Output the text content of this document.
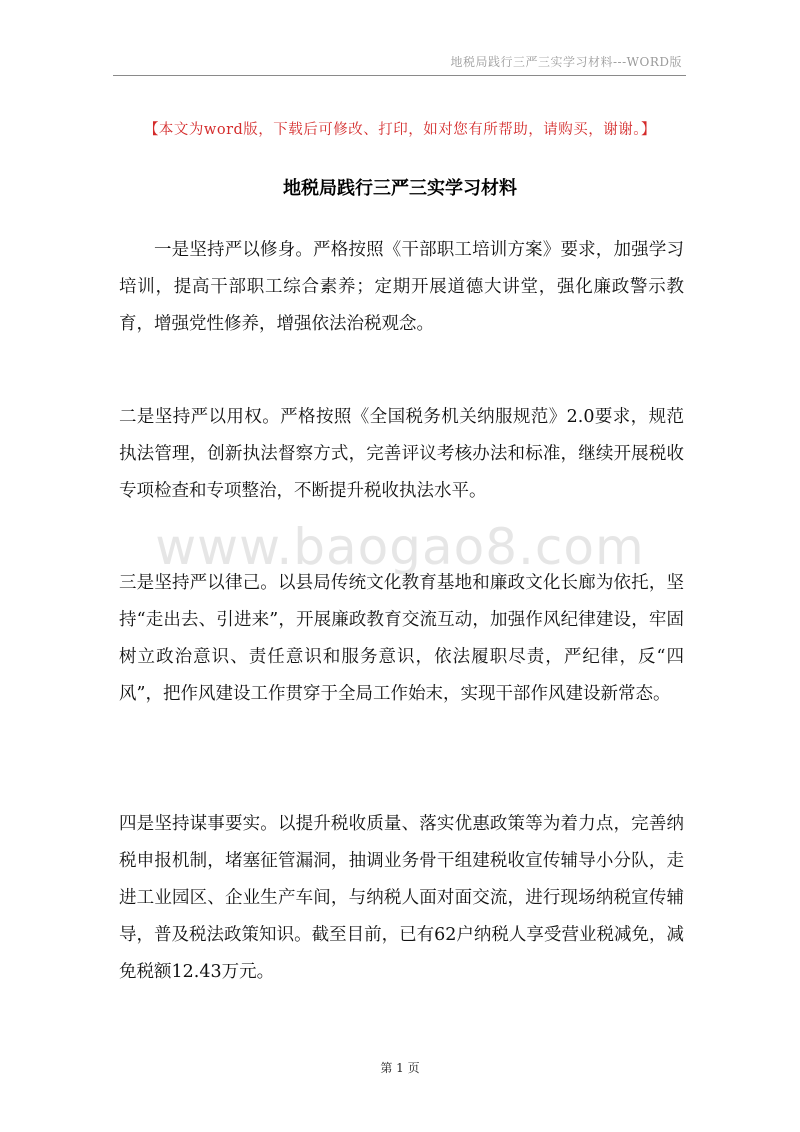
地税局践行三严三实学习材料---WORD版
【本文为word版，下载后可修改、打印，如对您有所帮助，请购买，谢谢。】
地税局践行三严三实学习材料

一是坚持严以修身。严格按照《干部职工培训方案》要求，加强学习培训，提高干部职工综合素养；定期开展道德大讲堂，强化廉政警示教育，增强党性修养，增强依法治税观念。

二是坚持严以用权。严格按照《全国税务机关纳服规范》2.0要求，规范执法管理，创新执法督察方式，完善评议考核办法和标准，继续开展税收专项检查和专项整治，不断提升税收执法水平。

www.baogao8.com

三是坚持严以律己。以县局传统文化教育基地和廉政文化长廊为依托，坚持“走出去、引进来”，开展廉政教育交流互动，加强作风纪律建设，牢固树立政治意识、责任意识和服务意识，依法履职尽责，严纪律，反“四风”，把作风建设工作贯穿于全局工作始末，实现干部作风建设新常态。

四是坚持谋事要实。以提升税收质量、落实优惠政策等为着力点，完善纳税申报机制，堵塞征管漏洞，抽调业务骨干组建税收宣传辅导小分队，走进工业园区、企业生产车间，与纳税人面对面交流，进行现场纳税宣传辅导，普及税法政策知识。截至目前，已有62户纳税人享受营业税减免，减免税额12.43万元。

第 1 页
